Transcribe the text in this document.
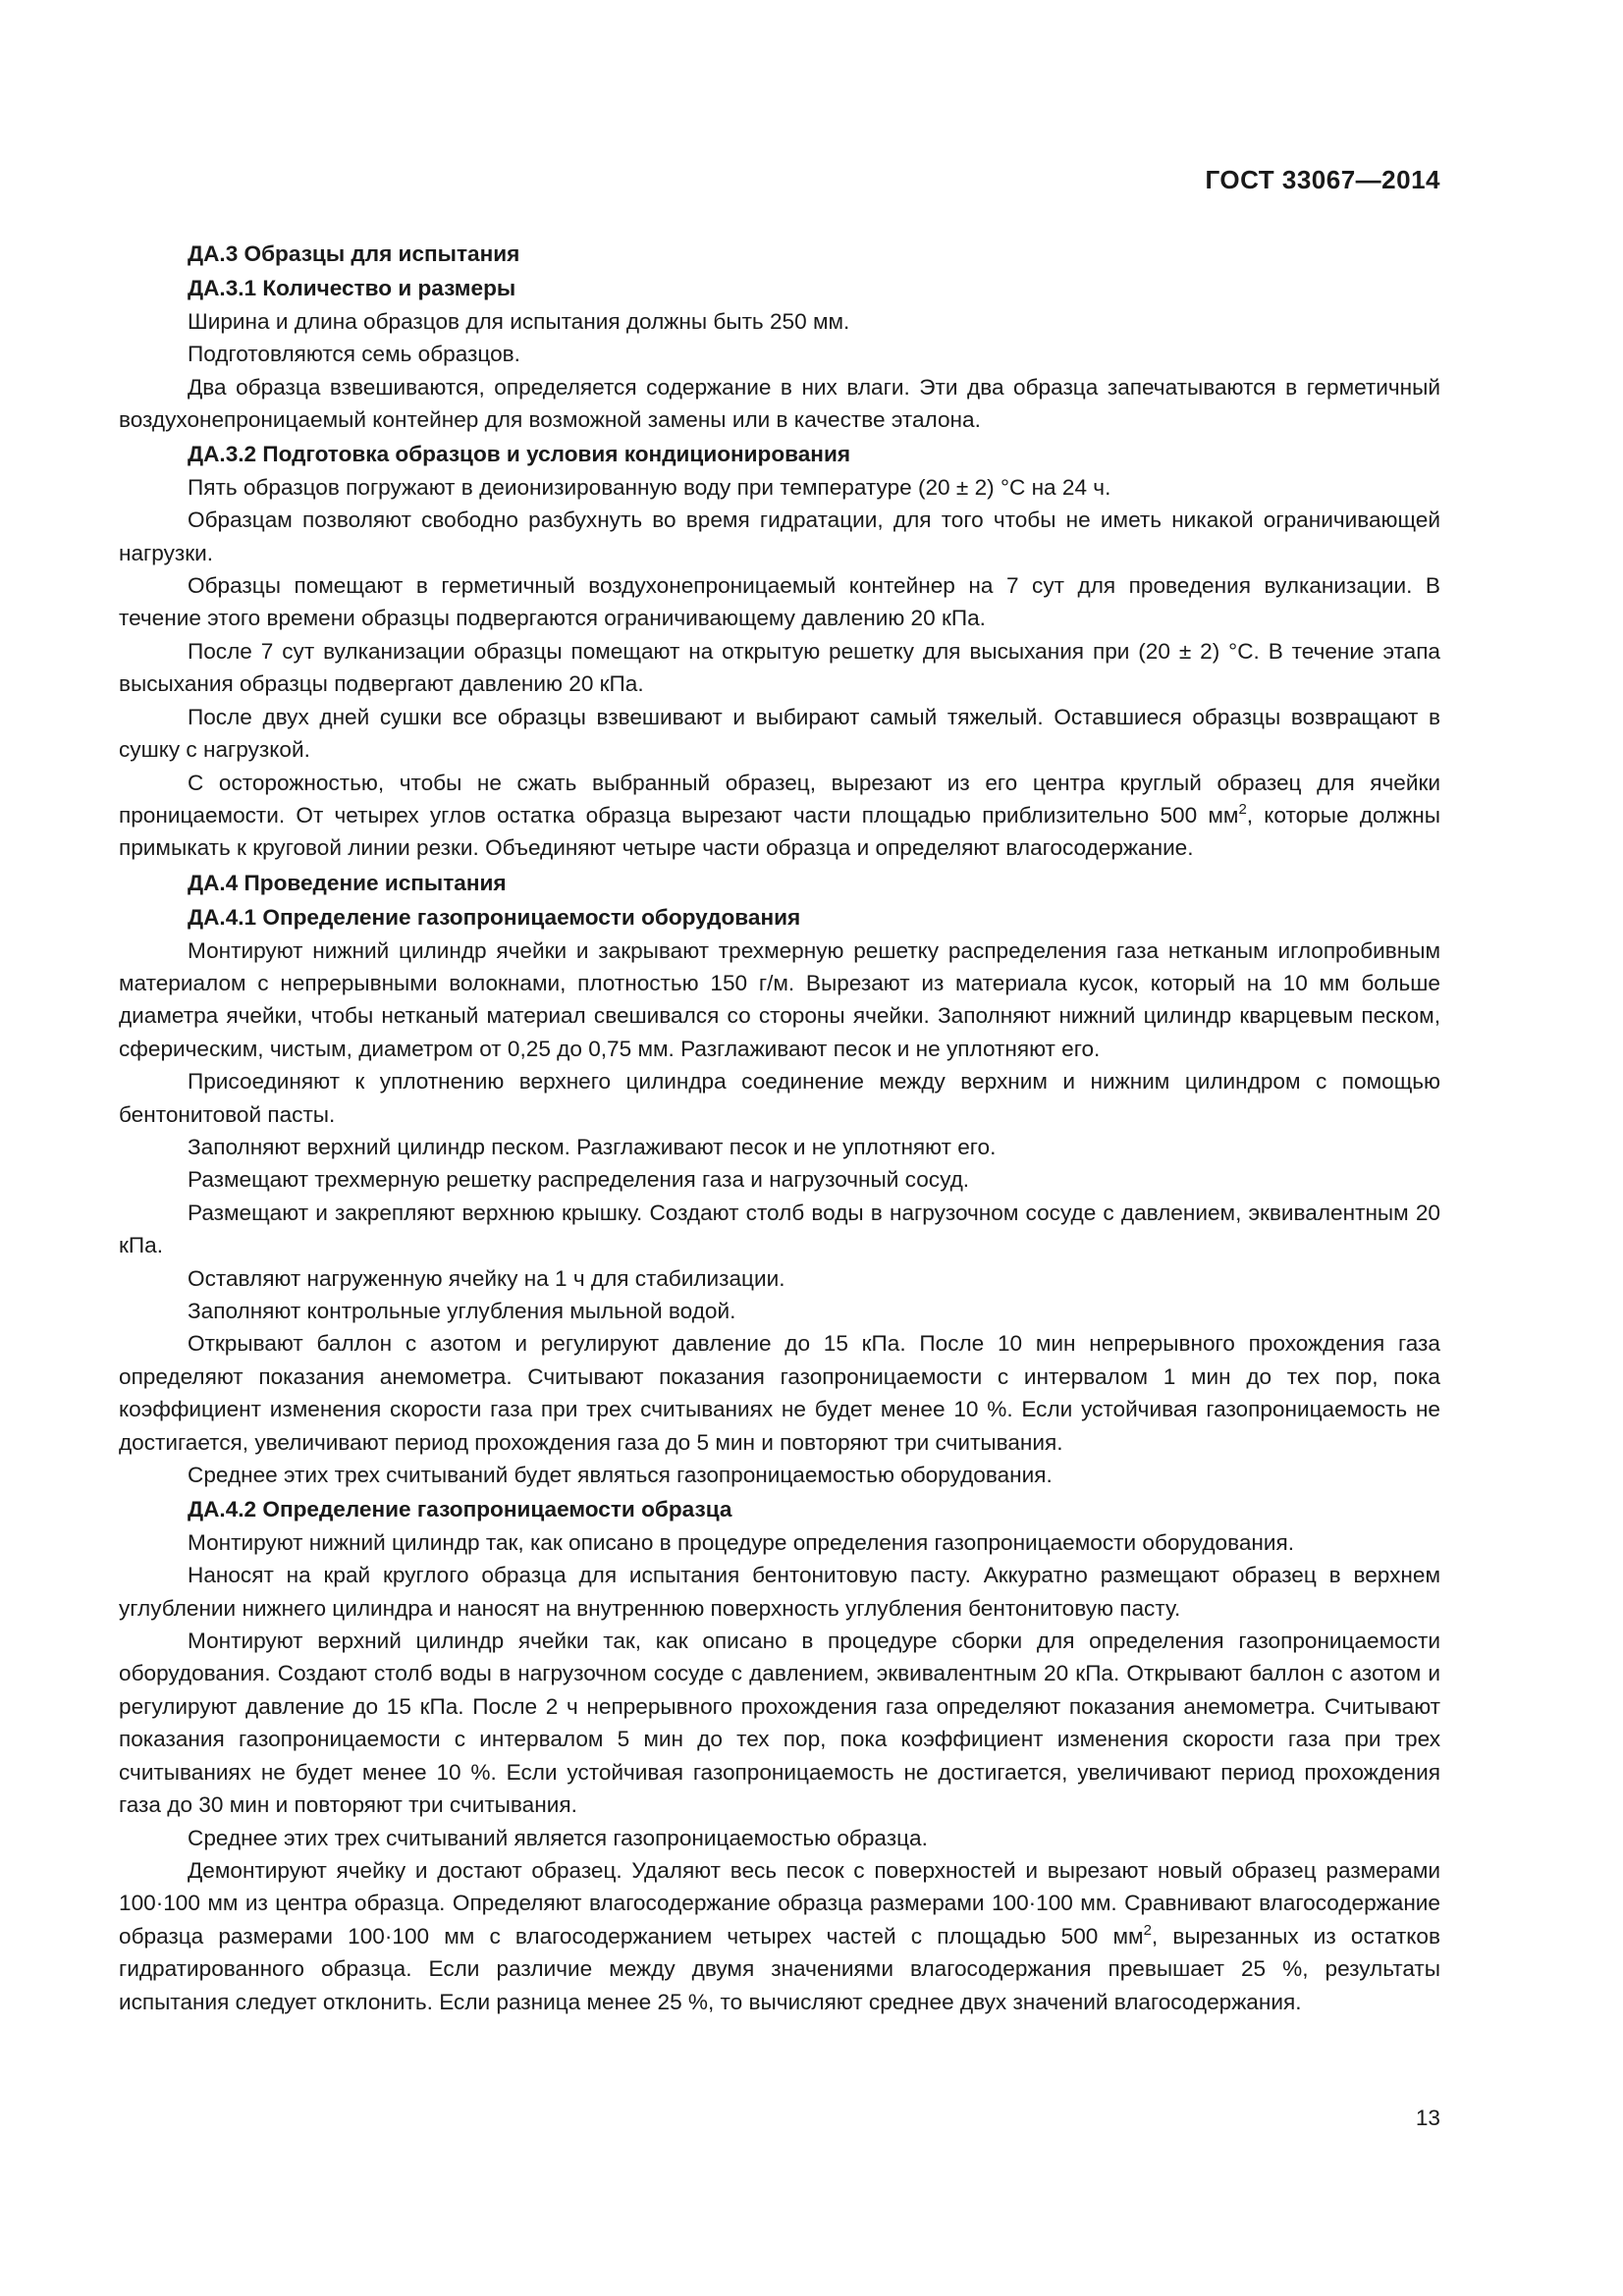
ГОСТ 33067—2014
ДА.3 Образцы для испытания
ДА.3.1 Количество и размеры

Ширина и длина образцов для испытания должны быть 250 мм.

Подготовляются семь образцов.

Два образца взвешиваются, определяется содержание в них влаги. Эти два образца запечатываются в герметичный воздухонепроницаемый контейнер для возможной замены или в качестве эталона.

ДА.3.2 Подготовка образцов и условия кондиционирования

Пять образцов погружают в деионизированную воду при температуре (20 ± 2) °С на 24 ч.

Образцам позволяют свободно разбухнуть во время гидратации, для того чтобы не иметь никакой ограничивающей нагрузки.

Образцы помещают в герметичный воздухонепроницаемый контейнер на 7 сут для проведения вулканизации. В течение этого времени образцы подвергаются ограничивающему давлению 20 кПа.

После 7 сут вулканизации образцы помещают на открытую решетку для высыхания при (20 ± 2) °С. В течение этапа высыхания образцы подвергают давлению 20 кПа.

После двух дней сушки все образцы взвешивают и выбирают самый тяжелый. Оставшиеся образцы возвращают в сушку с нагрузкой.

С осторожностью, чтобы не сжать выбранный образец, вырезают из его центра круглый образец для ячейки проницаемости. От четырех углов остатка образца вырезают части площадью приблизительно 500 $мм^2$, которые должны примыкать к круговой линии резки. Объединяют четыре части образца и определяют влагосодержание.

ДА.4 Проведение испытания
ДА.4.1 Определение газопроницаемости оборудования

Монтируют нижний цилиндр ячейки и закрывают трехмерную решетку распределения газа нетканым иглопробивным материалом с непрерывными волокнами, плотностью 150 г/м. Вырезают из материала кусок, который на 10 мм больше диаметра ячейки, чтобы нетканый материал свешивался со стороны ячейки. Заполняют нижний цилиндр кварцевым песком, сферическим, чистым, диаметром от 0,25 до 0,75 мм. Разглаживают песок и не уплотняют его.

Присоединяют к уплотнению верхнего цилиндра соединение между верхним и нижним цилиндром с помощью бентонитовой пасты.

Заполняют верхний цилиндр песком. Разглаживают песок и не уплотняют его.

Размещают трехмерную решетку распределения газа и нагрузочный сосуд.

Размещают и закрепляют верхнюю крышку. Создают столб воды в нагрузочном сосуде с давлением, эквивалентным 20 кПа.

Оставляют нагруженную ячейку на 1 ч для стабилизации.

Заполняют контрольные углубления мыльной водой.

Открывают баллон с азотом и регулируют давление до 15 кПа. После 10 мин непрерывного прохождения газа определяют показания анемометра. Считывают показания газопроницаемости с интервалом 1 мин до тех пор, пока коэффициент изменения скорости газа при трех считываниях не будет менее 10 %. Если устойчивая газопроницаемость не достигается, увеличивают период прохождения газа до 5 мин и повторяют три считывания.

Среднее этих трех считываний будет являться газопроницаемостью оборудования.

ДА.4.2 Определение газопроницаемости образца

Монтируют нижний цилиндр так, как описано в процедуре определения газопроницаемости оборудования.

Наносят на край круглого образца для испытания бентонитовую пасту. Аккуратно размещают образец в верхнем углублении нижнего цилиндра и наносят на внутреннюю поверхность углубления бентонитовую пасту.

Монтируют верхний цилиндр ячейки так, как описано в процедуре сборки для определения газопроницаемости оборудования. Создают столб воды в нагрузочном сосуде с давлением, эквивалентным 20 кПа. Открывают баллон с азотом и регулируют давление до 15 кПа. После 2 ч непрерывного прохождения газа определяют показания анемометра. Считывают показания газопроницаемости с интервалом 5 мин до тех пор, пока коэффициент изменения скорости газа при трех считываниях не будет менее 10 %. Если устойчивая газопроницаемость не достигается, увеличивают период прохождения газа до 30 мин и повторяют три считывания.

Среднее этих трех считываний является газопроницаемостью образца.

Демонтируют ячейку и достают образец. Удаляют весь песок с поверхностей и вырезают новый образец размерами 100·100 мм из центра образца. Определяют влагосодержание образца размерами 100·100 мм. Сравнивают влагосодержание образца размерами 100·100 мм с влагосодержанием четырех частей с площадью 500 $мм^2$, вырезанных из остатков гидратированного образца. Если различие между двумя значениями влагосодержания превышает 25 %, результаты испытания следует отклонить. Если разница менее 25 %, то вычисляют среднее двух значений влагосодержания.

13
